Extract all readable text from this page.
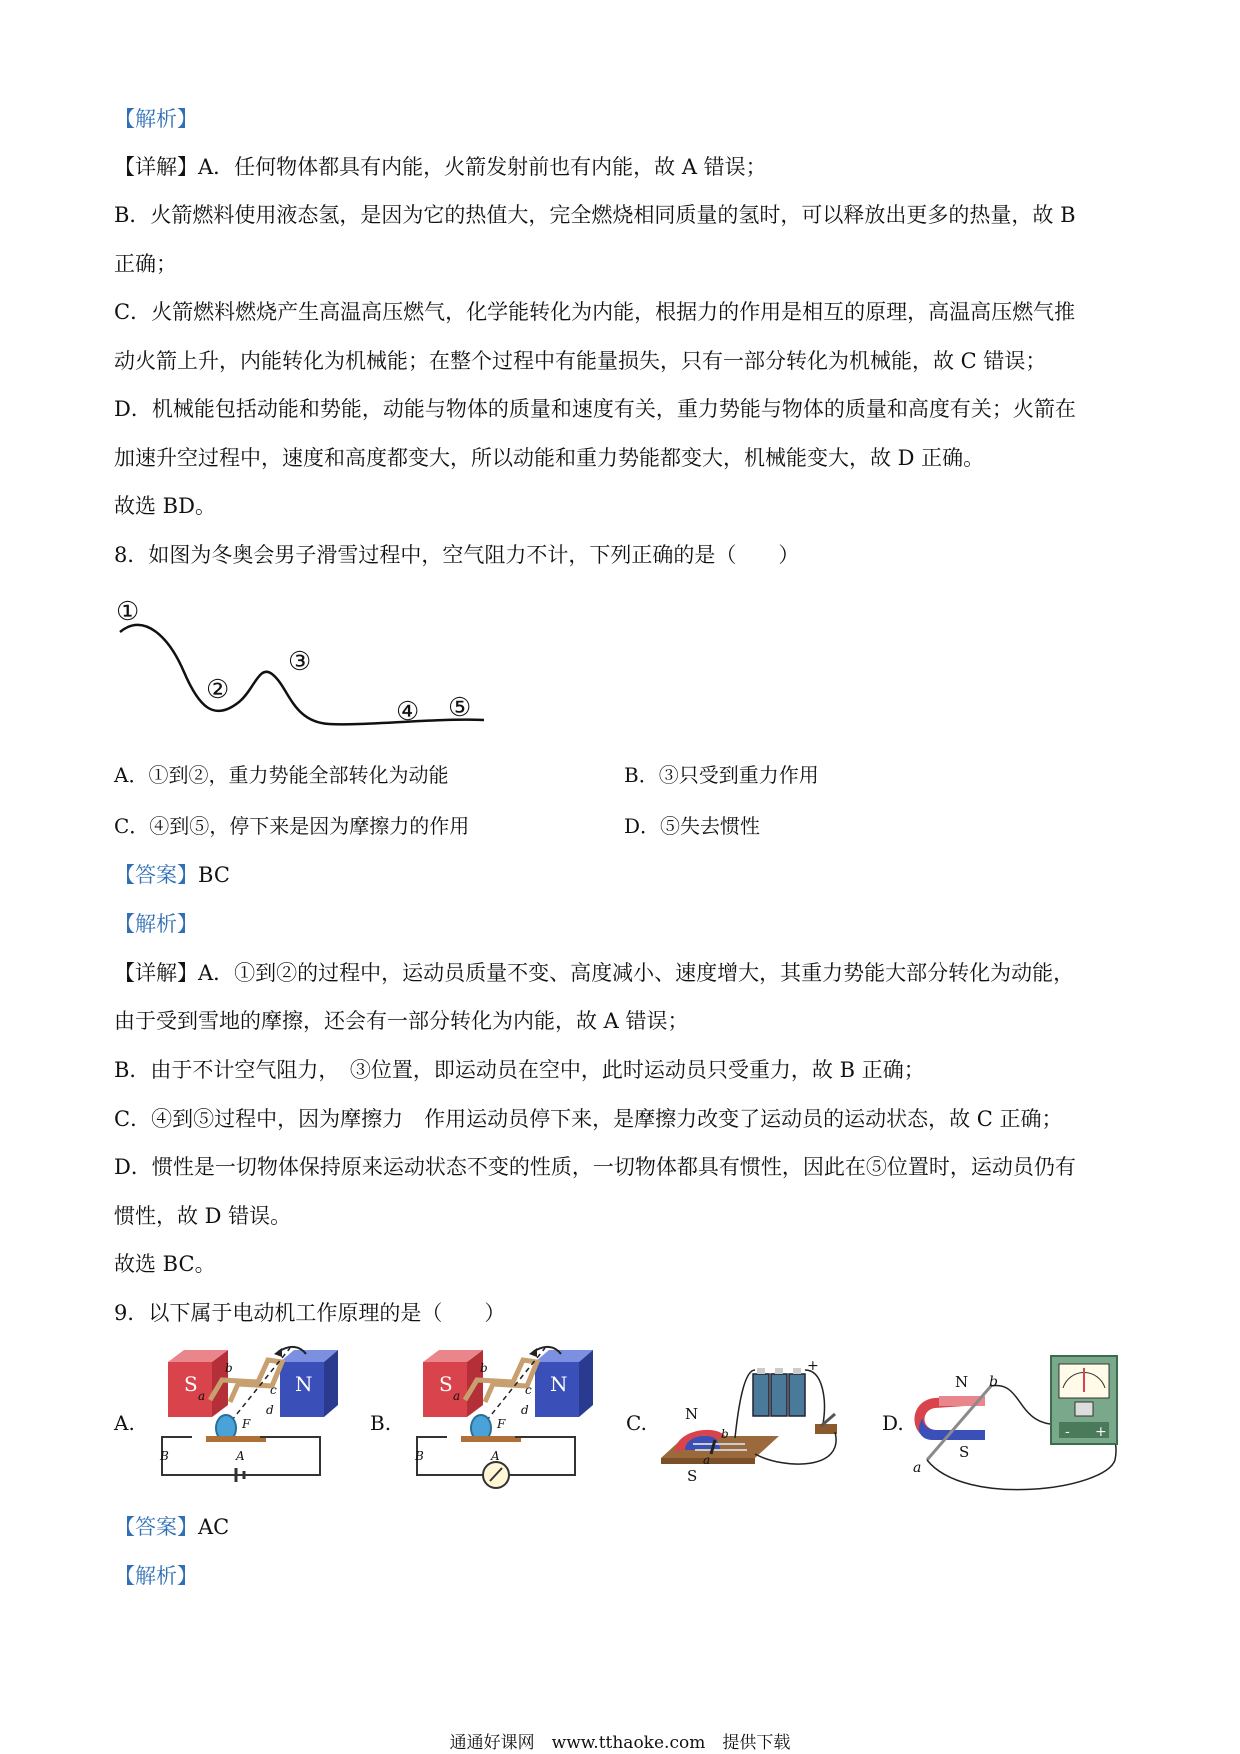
【解析】
【详解】A．任何物体都具有内能，火箭发射前也有内能，故 A 错误；
B．火箭燃料使用液态氢，是因为它的热值大，完全燃烧相同质量的氢时，可以释放出更多的热量，故 B
正确；
C．火箭燃料燃烧产生高温高压燃气，化学能转化为内能，根据力的作用是相互的原理，高温高压燃气推
动火箭上升，内能转化为机械能；在整个过程中有能量损失，只有一部分转化为机械能，故 C 错误；
D．机械能包括动能和势能，动能与物体的质量和速度有关，重力势能与物体的质量和高度有关；火箭在
加速升空过程中，速度和高度都变大，所以动能和重力势能都变大，机械能变大，故 D 正确。
故选 BD。
8．如图为冬奥会男子滑雪过程中，空气阻力不计，下列正确的是（　　）
①
②
③
④ ⑤
A．①到②，重力势能全部转化为动能	B．③只受到重力作用
C．④到⑤，停下来是因为摩擦力的作用	D．⑤失去惯性
【答案】BC
【解析】
【详解】A．①到②的过程中，运动员质量不变、高度减小、速度增大，其重力势能大部分转化为动能，
由于受到雪地的摩擦，还会有一部分转化为内能，故 A 错误；
B．由于不计空气阻力，　③位置，即运动员在空中，此时运动员只受重力，故 B 正确；
C．④到⑤过程中，因为摩擦力　作用运动员停下来，是摩擦力改变了运动员的运动状态，故 C 正确；
D．惯性是一切物体保持原来运动状态不变的性质，一切物体都具有惯性，因此在⑤位置时，运动员仍有
惯性，故 D 错误。
故选 BC。
9．以下属于电动机工作原理的是（　　）
A.
S	N
b
a	c
d
F
B	A
B.
S	N
b
a	c
d
F
B	A
C.	N
S
b
a
+
D.
N
S
a
b
- +
【答案】AC
【解析】
通通好课网　www.tthaoke.com　提供下载
